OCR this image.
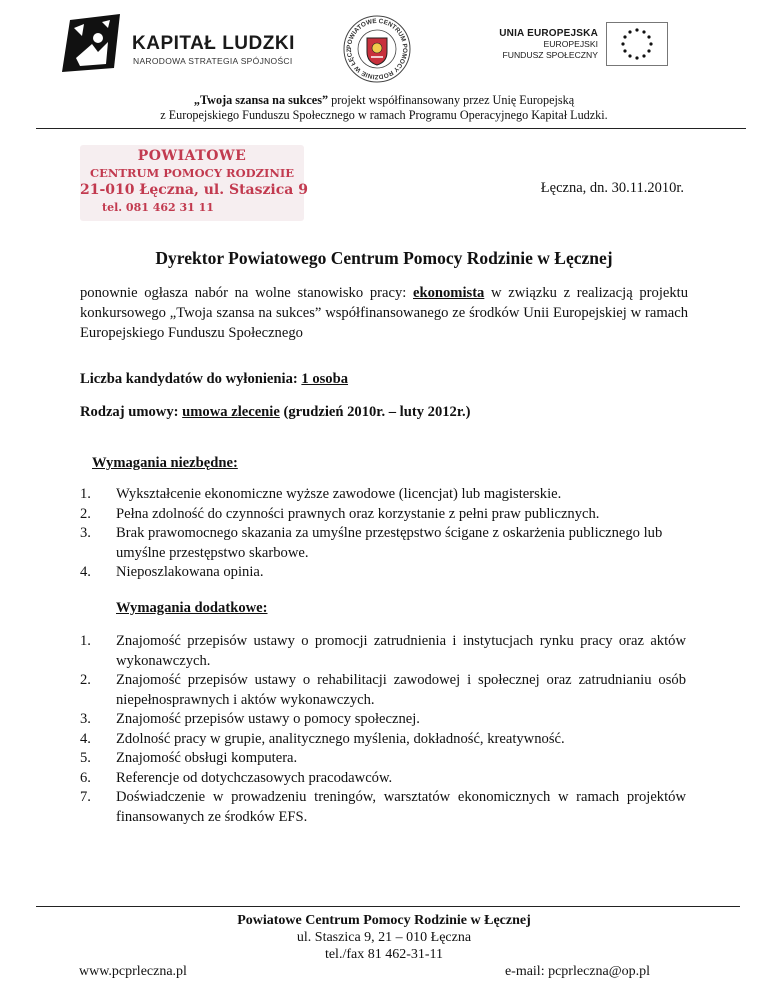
KAPITAŁ LUDZKI
NARODOWA STRATEGIA SPÓJNOŚCI
POWIATOWE CENTRUM POMOCY RODZINIE W ŁĘCZ
UNIA EUROPEJSKA
EUROPEJSKI
FUNDUSZ SPOŁECZNY
„Twoja szansa na sukces” projekt współfinansowany przez Unię Europejską
z Europejskiego Funduszu Społecznego w ramach Programu Operacyjnego Kapitał Ludzki.
POWIATOWE
CENTRUM POMOCY RODZINIE
21-010 Łęczna, ul. Staszica 9
tel. 081 462 31 11
Łęczna, dn. 30.11.2010r.
Dyrektor Powiatowego Centrum Pomocy Rodzinie w Łęcznej
ponownie ogłasza nabór na wolne stanowisko pracy: ekonomista w związku z realizacją projektu konkursowego „Twoja szansa na sukces” współfinansowanego ze środków Unii Europejskiej w ramach Europejskiego Funduszu Społecznego
Liczba kandydatów do wyłonienia: 1 osoba
Rodzaj umowy: umowa zlecenie (grudzień 2010r. – luty 2012r.)
Wymagania niezbędne:
1.	Wykształcenie ekonomiczne wyższe zawodowe (licencjat) lub magisterskie.
2.	Pełna zdolność do czynności prawnych oraz korzystanie z pełni praw publicznych.
3.	Brak prawomocnego skazania za umyślne przestępstwo ścigane z oskarżenia publicznego lub umyślne przestępstwo skarbowe.
4.	Nieposzlakowana opinia.
Wymagania dodatkowe:
1.	Znajomość przepisów ustawy o promocji zatrudnienia i instytucjach rynku pracy oraz aktów wykonawczych.
2.	Znajomość przepisów ustawy o rehabilitacji zawodowej i społecznej oraz zatrudnianiu osób niepełnosprawnych i aktów wykonawczych.
3.	Znajomość przepisów ustawy o pomocy społecznej.
4.	Zdolność pracy w grupie, analitycznego myślenia, dokładność, kreatywność.
5.	Znajomość obsługi komputera.
6.	Referencje od dotychczasowych pracodawców.
7.	Doświadczenie w prowadzeniu treningów, warsztatów ekonomicznych w ramach projektów finansowanych ze środków EFS.
Powiatowe Centrum Pomocy Rodzinie w Łęcznej
ul. Staszica 9, 21 – 010 Łęczna
tel./fax 81 462-31-11
www.pcprleczna.pl	e-mail: pcprleczna@op.pl
